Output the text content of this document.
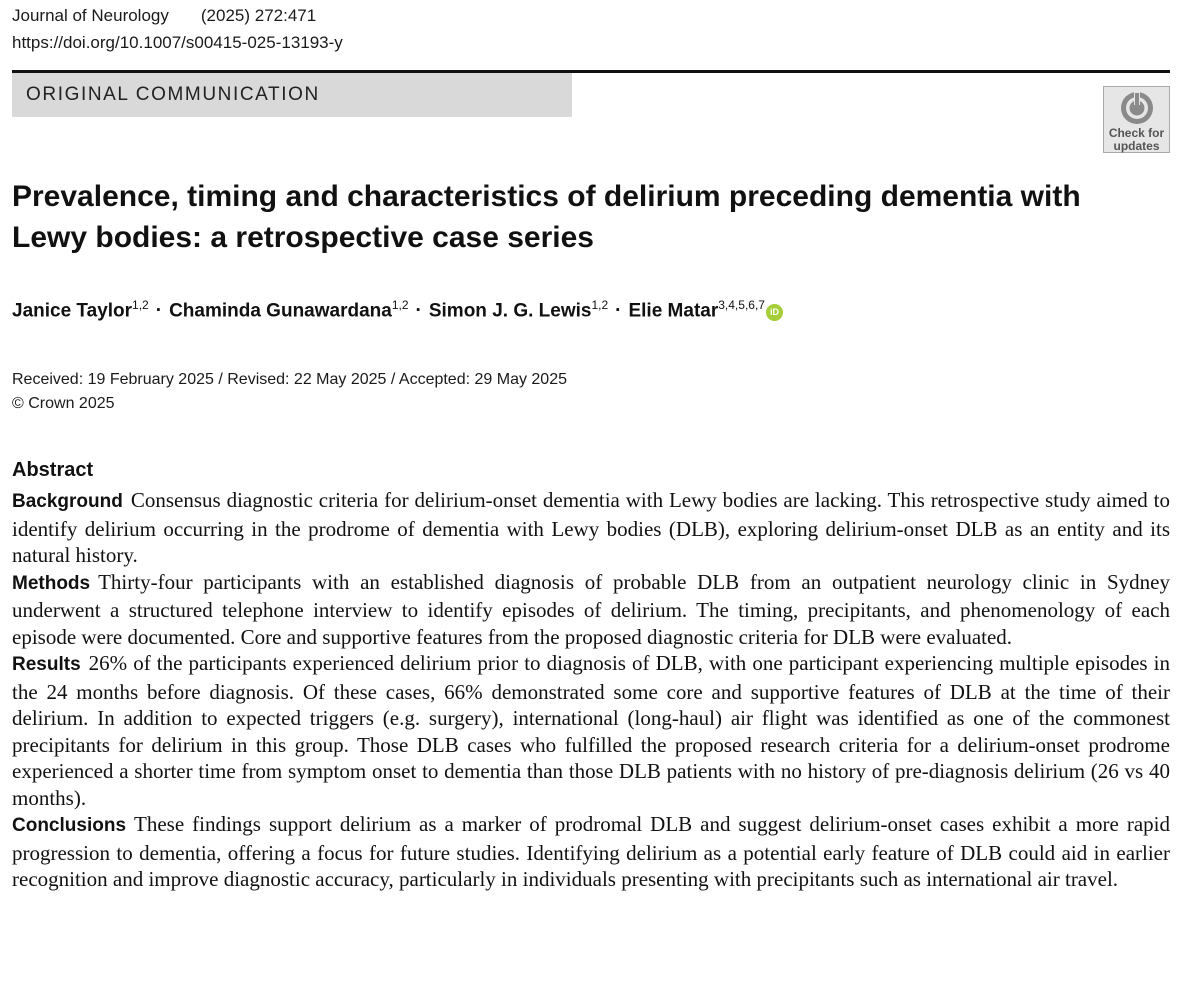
Journal of Neurology (2025) 272:471
https://doi.org/10.1007/s00415-025-13193-y
ORIGINAL COMMUNICATION
Check for
updates
Prevalence, timing and characteristics of delirium preceding dementia with Lewy bodies: a retrospective case series
Janice Taylor$^{1,2}$ · Chaminda Gunawardana$^{1,2}$ · Simon J. G. Lewis$^{1,2}$ · Elie Matar$^{3,4,5,6,7}$iD
Received: 19 February 2025 / Revised: 22 May 2025 / Accepted: 29 May 2025
© Crown 2025
Abstract

Background Consensus diagnostic criteria for delirium-onset dementia with Lewy bodies are lacking. This retrospective study aimed to identify delirium occurring in the prodrome of dementia with Lewy bodies (DLB), exploring delirium-onset DLB as an entity and its natural history.

Methods Thirty-four participants with an established diagnosis of probable DLB from an outpatient neurology clinic in Sydney underwent a structured telephone interview to identify episodes of delirium. The timing, precipitants, and phenomenology of each episode were documented. Core and supportive features from the proposed diagnostic criteria for DLB were evaluated.

Results 26% of the participants experienced delirium prior to diagnosis of DLB, with one participant experiencing multiple episodes in the 24 months before diagnosis. Of these cases, 66% demonstrated some core and supportive features of DLB at the time of their delirium. In addition to expected triggers (e.g. surgery), international (long-haul) air flight was identified as one of the commonest precipitants for delirium in this group. Those DLB cases who fulfilled the proposed research criteria for a delirium-onset prodrome experienced a shorter time from symptom onset to dementia than those DLB patients with no history of pre-diagnosis delirium (26 vs 40 months).

Conclusions These findings support delirium as a marker of prodromal DLB and suggest delirium-onset cases exhibit a more rapid progression to dementia, offering a focus for future studies. Identifying delirium as a potential early feature of DLB could aid in earlier recognition and improve diagnostic accuracy, particularly in individuals presenting with precipitants such as international air travel.
